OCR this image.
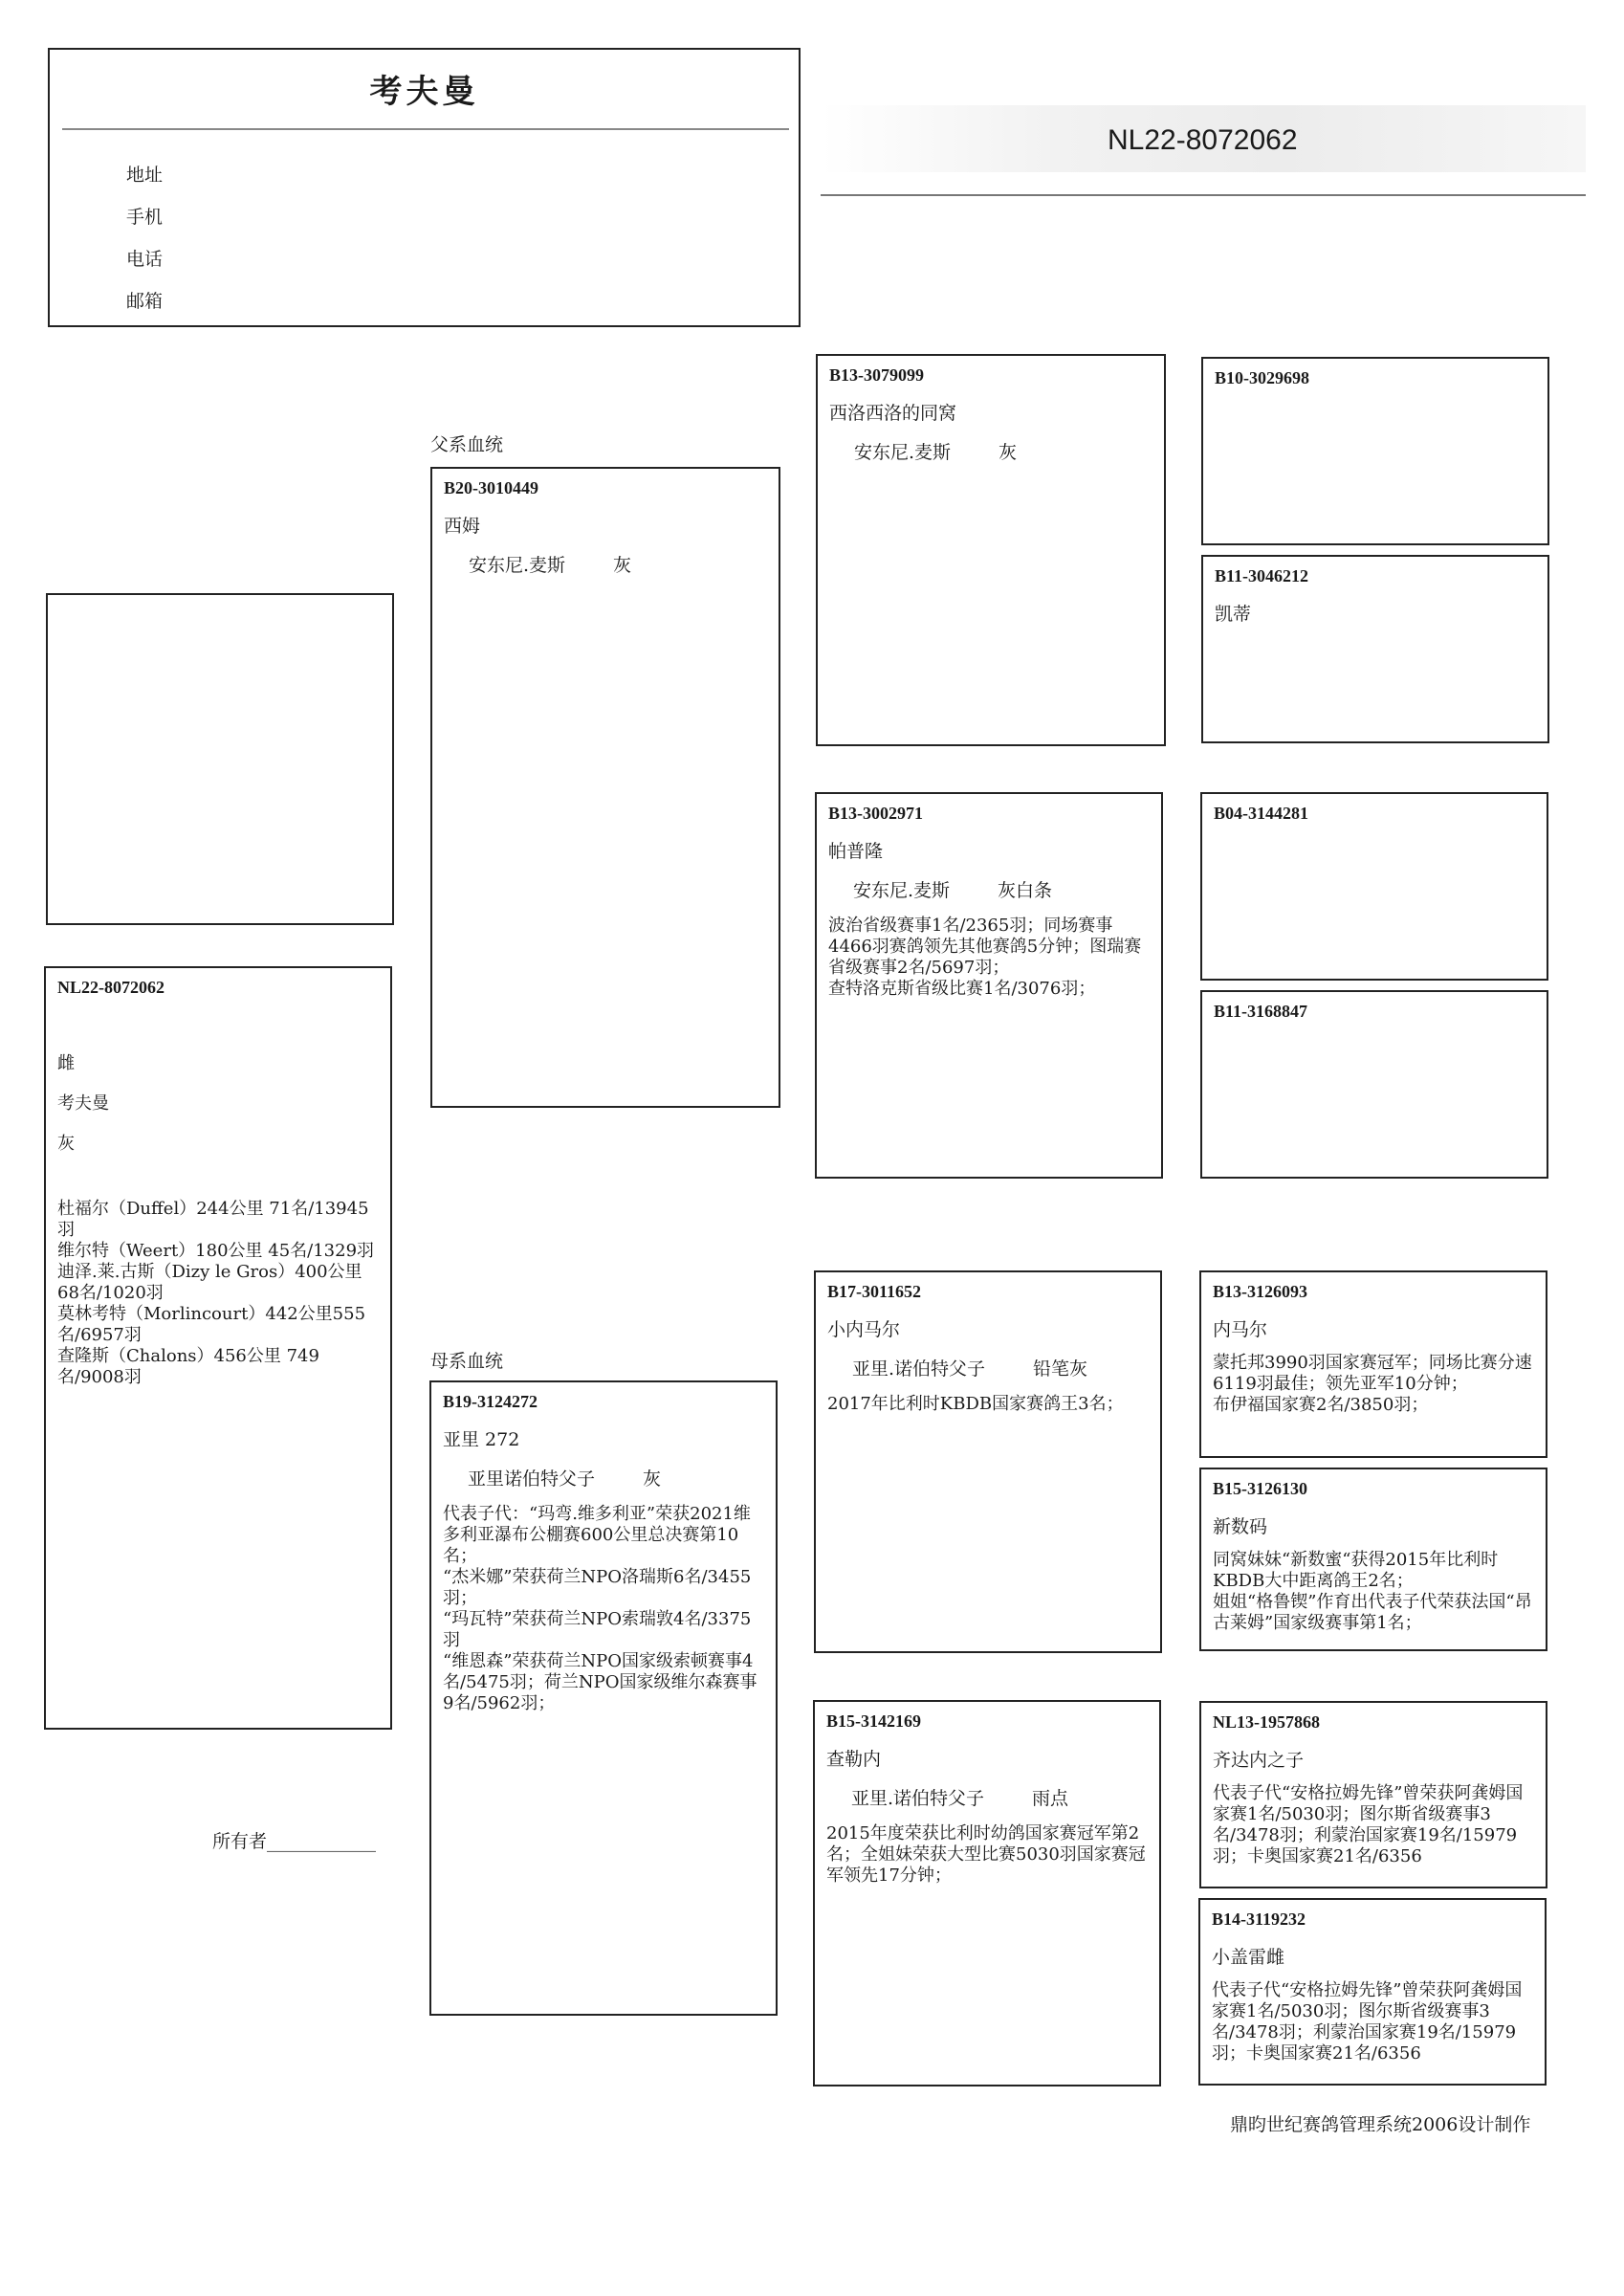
考夫曼
地址
手机
电话
邮箱
NL22-8072062
NL22-8072062
雌
考夫曼
灰
杜福尔（Duffel）244公里 71名/13945羽
维尔特（Weert）180公里 45名/1329羽
迪泽.莱.古斯（Dizy le Gros）400公里 68名/1020羽
莫林考特（Morlincourt）442公里555名/6957羽
查隆斯（Chalons）456公里 749名/9008羽
父系血统
母系血统
B20-3010449
西姆
安东尼.麦斯	灰
B19-3124272
亚里 272
亚里诺伯特父子	灰
代表子代：“玛弯.维多利亚”荣获2021维多利亚瀑布公棚赛600公里总决赛第10名；
“杰米娜”荣获荷兰NPO洛瑞斯6名/3455羽；
“玛瓦特”荣获荷兰NPO索瑞敦4名/3375羽
“维恩森”荣获荷兰NPO国家级索顿赛事4名/5475羽；荷兰NPO国家级维尔森赛事9名/5962羽；
所有者____________
B13-3079099
西洛西洛的同窝
安东尼.麦斯	灰
B13-3002971
帕普隆
安东尼.麦斯	灰白条
波治省级赛事1名/2365羽；同场赛事4466羽赛鸽领先其他赛鸽5分钟；图瑞赛省级赛事2名/5697羽；
查特洛克斯省级比赛1名/3076羽；
B17-3011652
小内马尔
亚里.诺伯特父子	铅笔灰
2017年比利时KBDB国家赛鸽王3名；
B15-3142169
查勒内
亚里.诺伯特父子	雨点
2015年度荣获比利时幼鸽国家赛冠军第2名；全姐妹荣获大型比赛5030羽国家赛冠军领先17分钟；
B10-3029698
B11-3046212
凯蒂
B04-3144281
B11-3168847
B13-3126093
内马尔
蒙托邦3990羽国家赛冠军；同场比赛分速6119羽最佳；领先亚军10分钟；
布伊福国家赛2名/3850羽；
B15-3126130
新数码
同窝妹妹“新数蜜“获得2015年比利时KBDB大中距离鸽王2名；
姐姐“格鲁锲”作育出代表子代荣获法国“昂古莱姆”国家级赛事第1名；
NL13-1957868
齐达内之子
代表子代“安格拉姆先锋”曾荣获阿龚姆国家赛1名/5030羽；图尔斯省级赛事3名/3478羽；利蒙治国家赛19名/15979羽；卡奥国家赛21名/6356
B14-3119232
小盖雷雌
代表子代“安格拉姆先锋”曾荣获阿龚姆国家赛1名/5030羽；图尔斯省级赛事3名/3478羽；利蒙治国家赛19名/15979羽；卡奥国家赛21名/6356
鼎昀世纪赛鸽管理系统2006设计制作
